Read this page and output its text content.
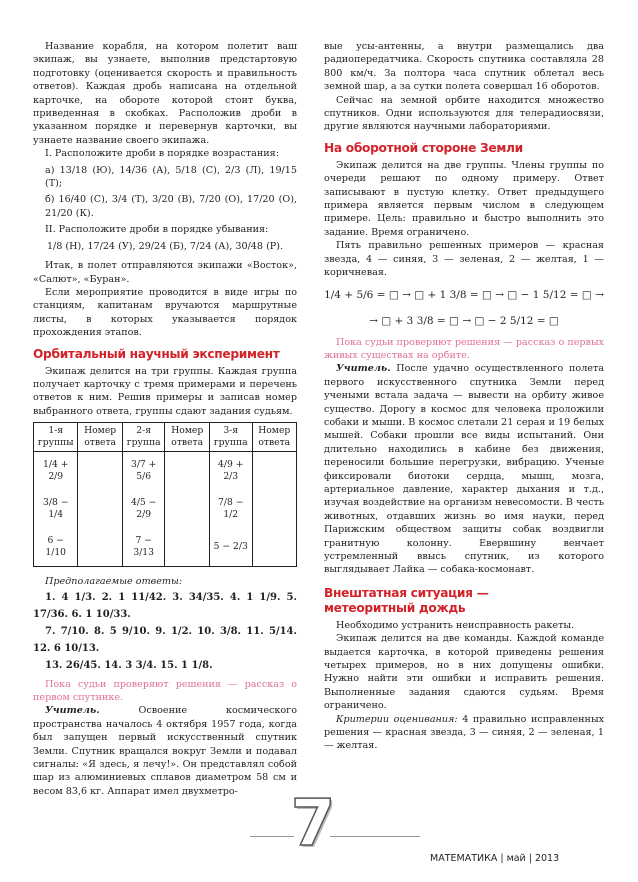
Название корабля, на котором полетит ваш экипаж, вы узнаете, выполнив предстартовую подготовку (оценивается скорость и правильность ответов). Каждая дробь написана на отдельной карточке, на обороте которой стоит буква, приведенная в скобках. Расположив дроби в указанном порядке и перевернув карточки, вы узнаете название своего экипажа.

I. Расположите дроби в порядке возрастания:

а) 13/18 (Ю), 14/36 (А), 5/18 (С), 2/3 (Л), 19/15 (Т);

б) 16/40 (С), 3/4 (Т), 3/20 (В), 7/20 (О), 17/20 (О), 21/20 (К).

II. Расположите дроби в порядке убывания:

1/8 (Н), 17/24 (У), 29/24 (Б), 7/24 (А), 30/48 (Р).

Итак, в полет отправляются экипажи «Восток», «Салют», «Буран».

Если мероприятие проводится в виде игры по станциям, капитанам вручаются маршрутные листы, в которых указывается порядок прохождения этапов.

Орбитальный научный эксперимент

Экипаж делится на три группы. Каждая группа получает карточку с тремя примерами и перечень ответов к ним. Решив примеры и записав номер выбранного ответа, группы сдают задания судьям.

1-я группы	Номер ответа	2-я группа	Номер ответа	3-я группа	Номер ответа
1/4 + 2/9		3/7 + 5/6		4/9 + 2/3	
3/8 − 1/4		4/5 − 2/9		7/8 − 1/2	
6 − 1/10		7 − 3/13		5 − 2/3	

Предполагаемые ответы:

1. 4 1/3. 2. 1 11/42. 3. 34/35. 4. 1 1/9. 5. 17/36. 6. 1 10/33.

7. 7/10. 8. 5 9/10. 9. 1/2. 10. 3/8. 11. 5/14. 12. 6 10/13.

13. 26/45. 14. 3 3/4. 15. 1 1/8.

Пока судьи проверяют решения — рассказ о первом спутнике.

Учитель. Освоение космического пространства началось 4 октября 1957 года, когда был запущен первый искусственный спутник Земли. Спутник вращался вокруг Земли и подавал сигналы: «Я здесь, я лечу!». Он представлял собой шар из алюминиевых сплавов диаметром 58 см и весом 83,6 кг. Аппарат имел двухметро-

вые усы-антенны, а внутри размещались два радиопередатчика. Скорость спутника составляла 28 800 км/ч. За полтора часа спутник облетал весь земной шар, а за сутки полета совершал 16 оборотов.

Сейчас на земной орбите находится множество спутников. Одни используются для телерадиосвязи, другие являются научными лабораториями.

На оборотной стороне Земли

Экипаж делится на две группы. Члены группы по очереди решают по одному примеру. Ответ записывают в пустую клетку. Ответ предыдущего примера является первым числом в следующем примере. Цель: правильно и быстро выполнить это задание. Время ограничено.

Пять правильно решенных примеров — красная звезда, 4 — синяя, 3 — зеленая, 2 — желтая, 1 —коричневая.

1/4 + 5/6 = □ → □ + 1 3/8 = □ → □ − 1 5/12 = □ →
→ □ + 3 3/8 = □ → □ − 2 5/12 = □

Пока судьи проверяют решения — рассказ о первых живых существах на орбите.

Учитель. После удачно осуществленного полета первого искусственного спутника Земли перед учеными встала задача — вывести на орбиту живое существо. Дорогу в космос для человека проложили собаки и мыши. В космос слетали 21 серая и 19 белых мышей. Собаки прошли все виды испытаний. Они длительно находились в кабине без движения, переносили большие перегрузки, вибрацию. Ученые фиксировали биотоки сердца, мышц, мозга, артериальное давление, характер дыхания и т.д., изучая воздействие на организм невесомости. В честь животных, отдавших жизнь во имя науки, перед Парижским обществом защиты собак воздвигли гранитную колонну. Евервшину венчает устремленный ввысь спутник, из которого выглядывает Лайка — собака-космонавт.

Внештатная ситуация —
метеоритный дождь

Необходимо устранить неисправность ракеты.

Экипаж делится на две команды. Каждой команде выдается карточка, в которой приведены решения четырех примеров, но в них допущены ошибки. Нужно найти эти ошибки и исправить решения. Выполненные задания сдаются судьям. Время ограничено.

Критерии оценивания: 4 правильно исправленных решения — красная звезда, 3 — синяя, 2 — зеленая, 1 — желтая.

7	МАТЕМАТИКА | май | 2013
